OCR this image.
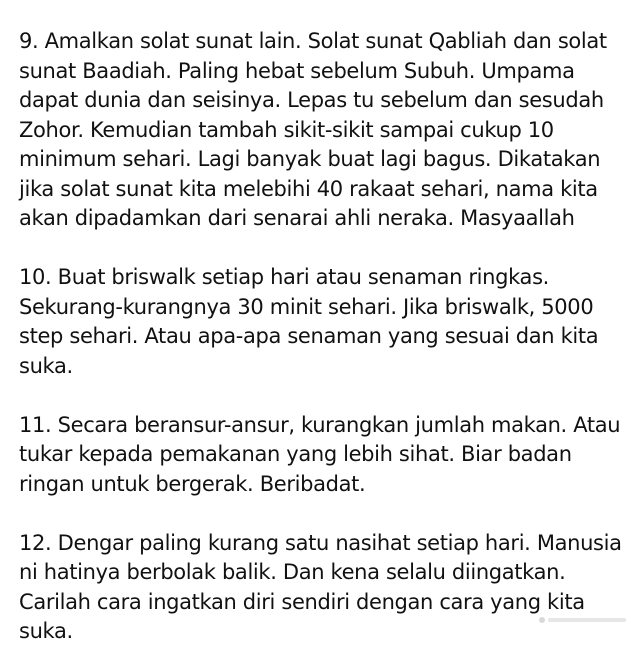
9. Amalkan solat sunat lain. Solat sunat Qabliah dan solat
sunat Baadiah. Paling hebat sebelum Subuh. Umpama
dapat dunia dan seisinya. Lepas tu sebelum dan sesudah
Zohor. Kemudian tambah sikit-sikit sampai cukup 10
minimum sehari. Lagi banyak buat lagi bagus. Dikatakan
jika solat sunat kita melebihi 40 rakaat sehari, nama kita
akan dipadamkan dari senarai ahli neraka. Masyaallah

10. Buat briswalk setiap hari atau senaman ringkas.
Sekurang-kurangnya 30 minit sehari. Jika briswalk, 5000
step sehari. Atau apa-apa senaman yang sesuai dan kita
suka.

11. Secara beransur-ansur, kurangkan jumlah makan. Atau
tukar kepada pemakanan yang lebih sihat. Biar badan
ringan untuk bergerak. Beribadat.

12. Dengar paling kurang satu nasihat setiap hari. Manusia
ni hatinya berbolak balik. Dan kena selalu diingatkan.
Carilah cara ingatkan diri sendiri dengan cara yang kita
suka.
